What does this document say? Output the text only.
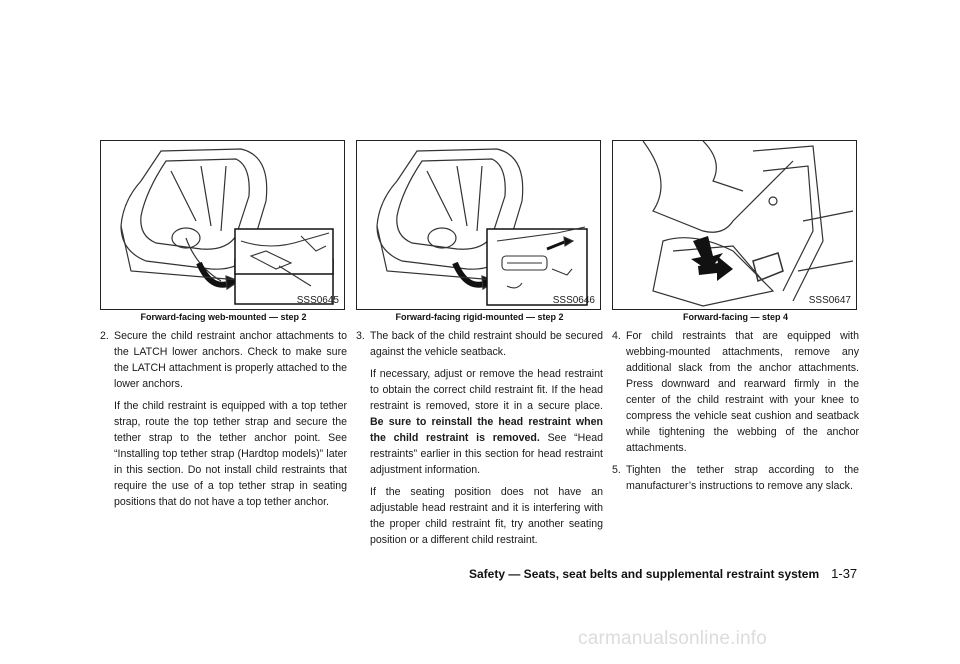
SSS0645
Forward-facing web-mounted — step 2
2. Secure the child restraint anchor attachments to the LATCH lower anchors. Check to make sure the LATCH attachment is properly attached to the lower anchors.
If the child restraint is equipped with a top tether strap, route the top tether strap and secure the tether strap to the tether anchor point. See “Installing top tether strap (Hardtop models)” later in this section. Do not install child restraints that require the use of a top tether strap in seating positions that do not have a top tether anchor.
SSS0646
Forward-facing rigid-mounted — step 2
3. The back of the child restraint should be secured against the vehicle seatback.
If necessary, adjust or remove the head restraint to obtain the correct child restraint fit. If the head restraint is removed, store it in a secure place. Be sure to reinstall the head restraint when the child restraint is removed. See “Head restraints” earlier in this section for head restraint adjustment information.
If the seating position does not have an adjustable head restraint and it is interfering with the proper child restraint fit, try another seating position or a different child restraint.
SSS0647
Forward-facing — step 4
4. For child restraints that are equipped with webbing-mounted attachments, remove any additional slack from the anchor attachments. Press downward and rearward firmly in the center of the child restraint with your knee to compress the vehicle seat cushion and seatback while tightening the webbing of the anchor attachments.
5. Tighten the tether strap according to the manufacturer’s instructions to remove any slack.
Safety — Seats, seat belts and supplemental restraint system 1-37
carmanualsonline.info
